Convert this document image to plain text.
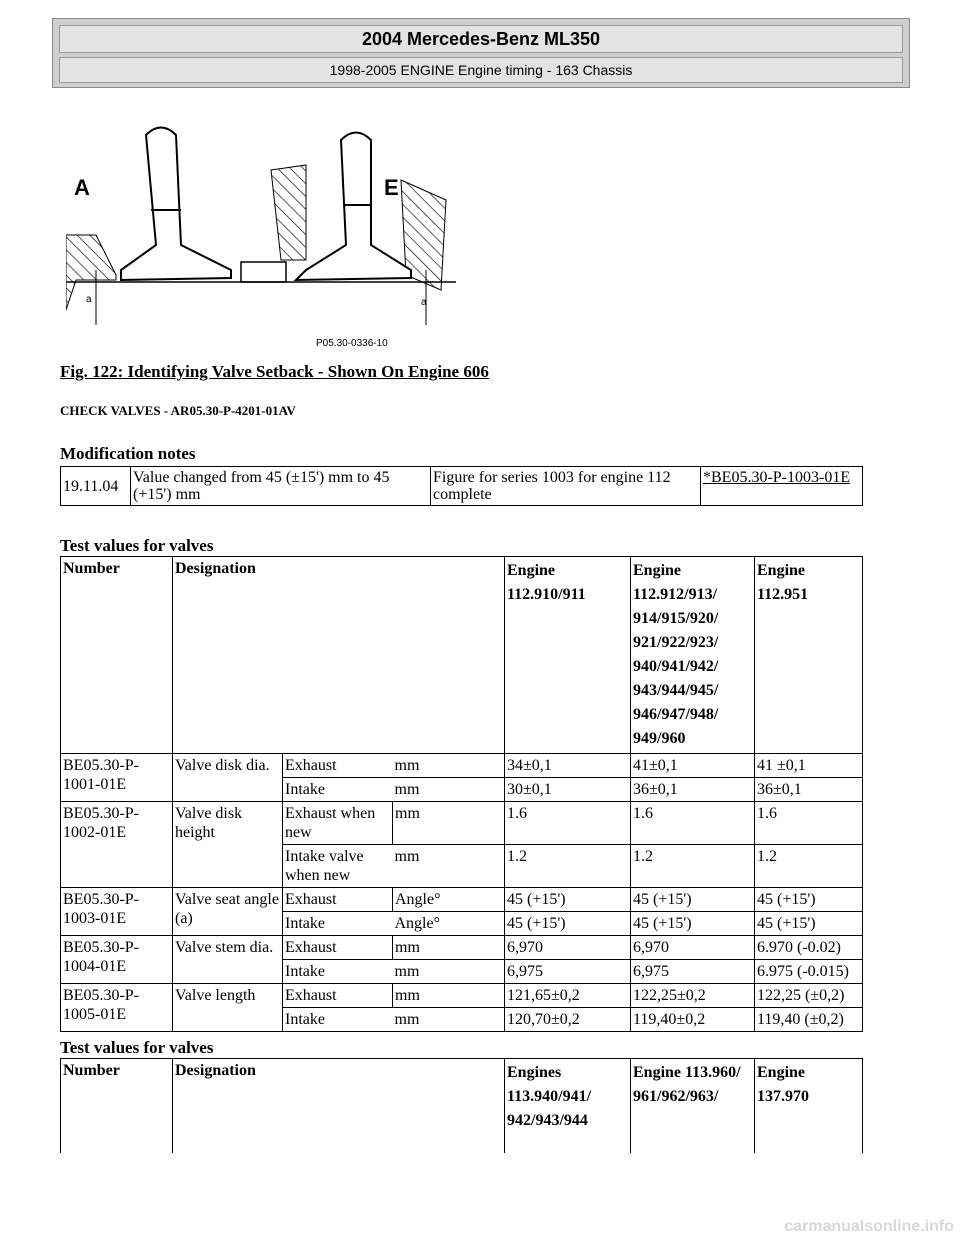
2004 Mercedes-Benz ML350
1998-2005 ENGINE Engine timing - 163 Chassis
A	E
a	a
P05.30-0336-10
Fig. 122: Identifying Valve Setback - Shown On Engine 606
CHECK VALVES - AR05.30-P-4201-01AV
Modification notes
19.11.04	Value changed from 45 (±15') mm to 45 (+15') mm	Figure for series 1003 for engine 112 complete	*BE05.30-P-1003-01E
Test values for valves
Number	Designation			Engine 112.910/911	Engine 112.912/913/ 914/915/920/ 921/922/923/ 940/941/942/ 943/944/945/ 946/947/948/ 949/960	Engine 112.951
BE05.30-P-1001-01E	Valve disk dia.	Exhaust	mm	34±0,1	41±0,1	41 ±0,1
		Intake	mm	30±0,1	36±0,1	36±0,1
BE05.30-P-1002-01E	Valve disk height	Exhaust when new	mm	1.6	1.6	1.6
		Intake valve when new	mm	1.2	1.2	1.2
BE05.30-P-1003-01E	Valve seat angle (a)	Exhaust	Angle°	45 (+15')	45 (+15')	45 (+15')
		Intake	Angle°	45 (+15')	45 (+15')	45 (+15')
BE05.30-P-1004-01E	Valve stem dia.	Exhaust	mm	6,970	6,970	6.970 (-0.02)
		Intake	mm	6,975	6,975	6.975 (-0.015)
BE05.30-P-1005-01E	Valve length	Exhaust	mm	121,65±0,2	122,25±0,2	122,25 (±0,2)
		Intake	mm	120,70±0,2	119,40±0,2	119,40 (±0,2)
Test values for valves
Number	Designation			Engines 113.940/941/ 942/943/944	Engine 113.960/ 961/962/963/	Engine 137.970
carmanualsonline.info
